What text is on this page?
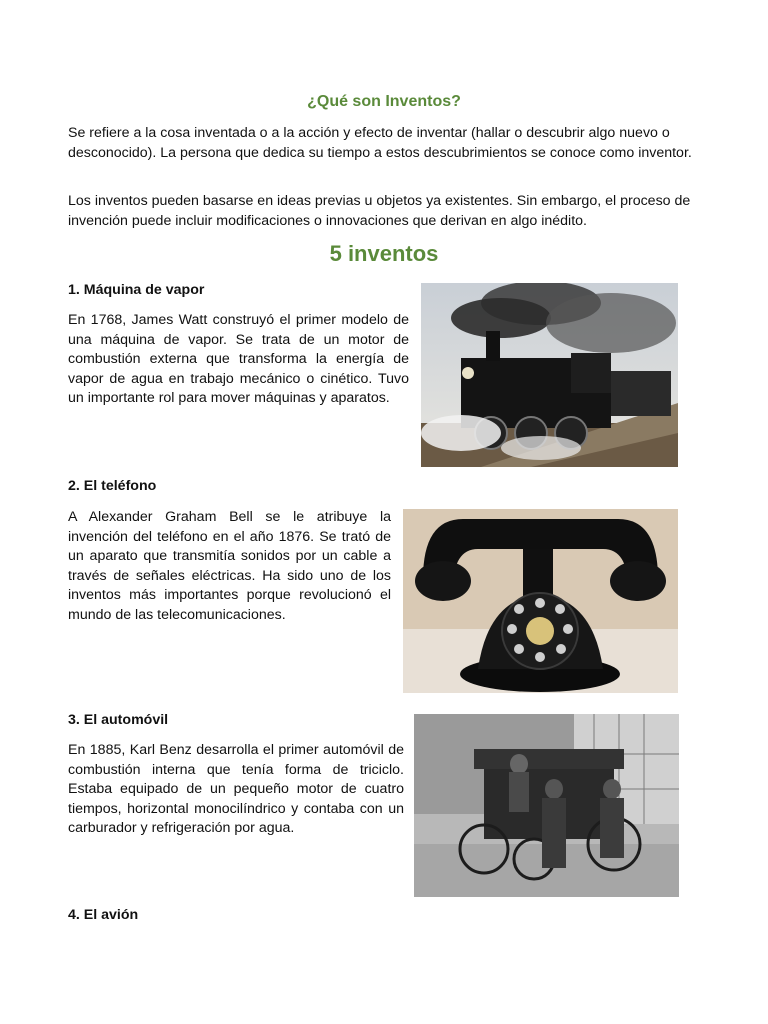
¿Qué son Inventos?

Se refiere a la cosa inventada o a la acción y efecto de inventar (hallar o descubrir algo nuevo o desconocido). La persona que dedica su tiempo a estos descubrimientos se conoce como inventor.

Los inventos pueden basarse en ideas previas u objetos ya existentes. Sin embargo, el proceso de invención puede incluir modificaciones o innovaciones que derivan en algo inédito.

5 inventos
1. Máquina de vapor

En 1768, James Watt construyó el primer modelo de una máquina de vapor. Se trata de un motor de combustión externa que transforma la energía de vapor de agua en trabajo mecánico o cinético. Tuvo un importante rol para mover máquinas y aparatos.

2. El teléfono

A Alexander Graham Bell se le atribuye la invención del teléfono en el año 1876. Se trató de un aparato que transmitía sonidos por un cable a través de señales eléctricas. Ha sido uno de los inventos más importantes porque revolucionó el mundo de las telecomunicaciones.

3. El automóvil

En 1885, Karl Benz desarrolla el primer automóvil de combustión interna que tenía forma de triciclo. Estaba equipado de un pequeño motor de cuatro tiempos, horizontal monocilíndrico y contaba con un carburador y refrigeración por agua.

4. El avión
